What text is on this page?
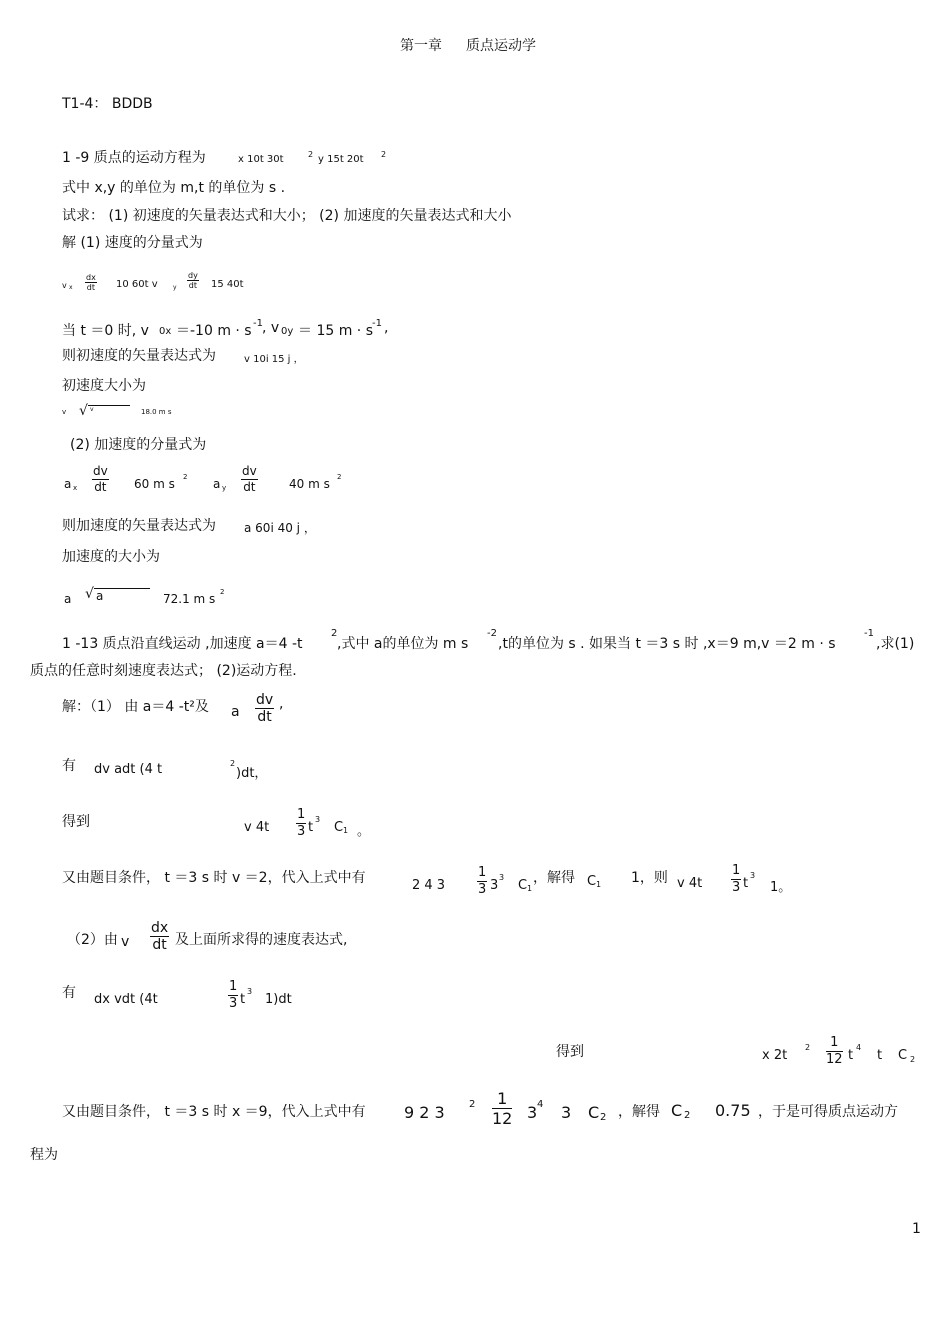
第一章 质点运动学
T1-4： BDDB
1 -9 质点的运动方程为	x 10t 30t	2 y 15t 20t 2
式中 x,y 的单位为 m,t 的单位为 s .
试求： (1) 初速度的矢量表达式和大小； (2) 加速度的矢量表达式和大小
解 (1) 速度的分量式为
v x $\frac{dx}{dt} 10$ 60t v	y $\frac{dy}{dt} 15$ 40t
当 t ＝0 时, v 0x ＝-10 m · s -1 , v 0y ＝ 15 m · s -1 ,
则初速度的矢量表达式为	v 10i 15 j ，
初速度大小为
v	√ v	18.0 m s
(2) 加速度的分量式为
a x $\frac{dv}{dt} 60$ m s 2 a y $\frac{dv}{dt}$	40 m s 2
则加速度的矢量表达式为 a 60i 40 j ，
加速度的大小为
a √ a	72.1 m s 2
1 -13 质点沿直线运动 ,加速度 a＝4 -t
2
,式中 a的单位为 m s
-2
,t的单位为 s . 如果当 t ＝3 s 时 ,x＝9 m,v ＝2 m · s
-1
,求(1)
质点的任意时刻速度表达式； (2)运动方程.
解：（1） 由 a＝4 -t²及 a $\frac{dv}{dt}$ ,
有 dv adt (4 t	2
)dt，
得到	v $4t \frac{1}{3}$ t
3
C 1 。
又由题目条件， t ＝3 s 时 v ＝2，代入上式中有	2 4 $3 \frac{1}{3} 3$
3
C 1
，解得 C 1 1，则 v $4t \frac{1}{3}$ t
3
1。
（2）由 v $\frac{dx}{dt}$ 及上面所求得的速度表达式,
有 dx vdt (4t	$\frac{1}{3}$ t
3
1)dt
得到	x 2t
$2 \frac{1}{12}$ t
4
t C 2
又由题目条件， t ＝3 s 时 x ＝9，代入上式中有 9 2 3 $2 \frac{1}{12} 3$ 4 3 C 2 ，解得 C 2 0.75 ，于是可得质点运动方
程为
1
